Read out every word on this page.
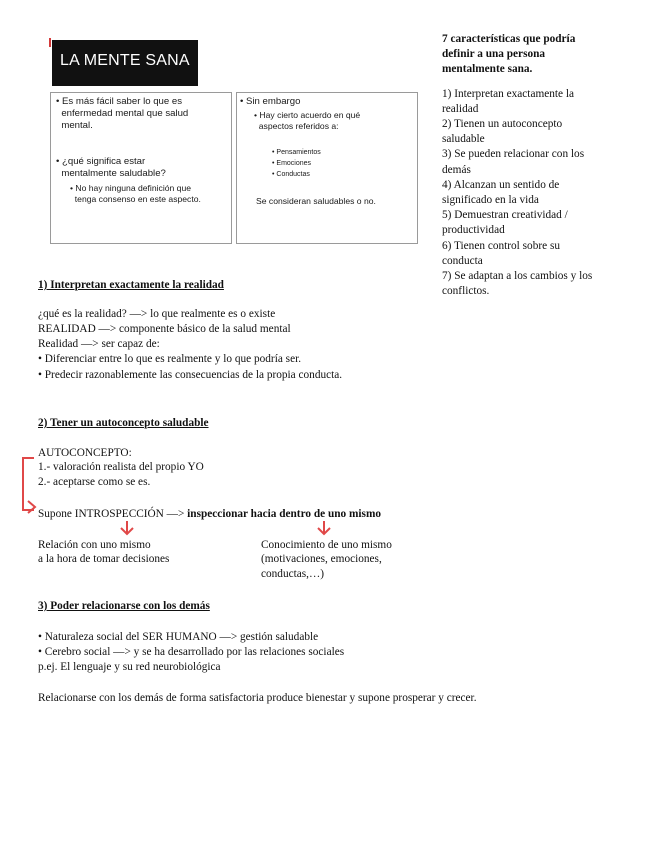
LA MENTE SANA
• Es más fácil saber lo que es
enfermedad mental que salud
mental.
• ¿qué significa estar
mentalmente saludable?
• No hay ninguna definición que
tenga consenso en este aspecto.
• Sin embargo
• Hay cierto acuerdo en qué
aspectos referidos a:
• Pensamientos
• Emociones
• Conductas
Se consideran saludables o no.
7 características que podría
definir a una persona
mentalmente sana.
1) Interpretan exactamente la
realidad
2) Tienen un autoconcepto
saludable
3) Se pueden relacionar con los
demás
4) Alcanzan un sentido de
significado en la vida
5) Demuestran creatividad /
productividad
6) Tienen control sobre su
conducta
7) Se adaptan a los cambios y los
conflictos.
1) Interpretan exactamente la realidad
¿qué es la realidad? —> lo que realmente es o existe
REALIDAD —> componente básico de la salud mental
Realidad —> ser capaz de:
• Diferenciar entre lo que es realmente y lo que podría ser.
• Predecir razonablemente las consecuencias de la propia conducta.
2) Tener un autoconcepto saludable
AUTOCONCEPTO:
1.- valoración realista del propio YO
2.- aceptarse como se es.
Supone INTROSPECCIÓN —> inspeccionar hacia dentro de uno mismo
Relación con uno mismo
a la hora de tomar decisiones
Conocimiento de uno mismo
(motivaciones, emociones,
conductas,…)
3) Poder relacionarse con los demás
• Naturaleza social del SER HUMANO —> gestión saludable
• Cerebro social —> y se ha desarrollado por las relaciones sociales
p.ej. El lenguaje y su red neurobiológica
Relacionarse con los demás de forma satisfactoria produce bienestar y supone prosperar y crecer.
